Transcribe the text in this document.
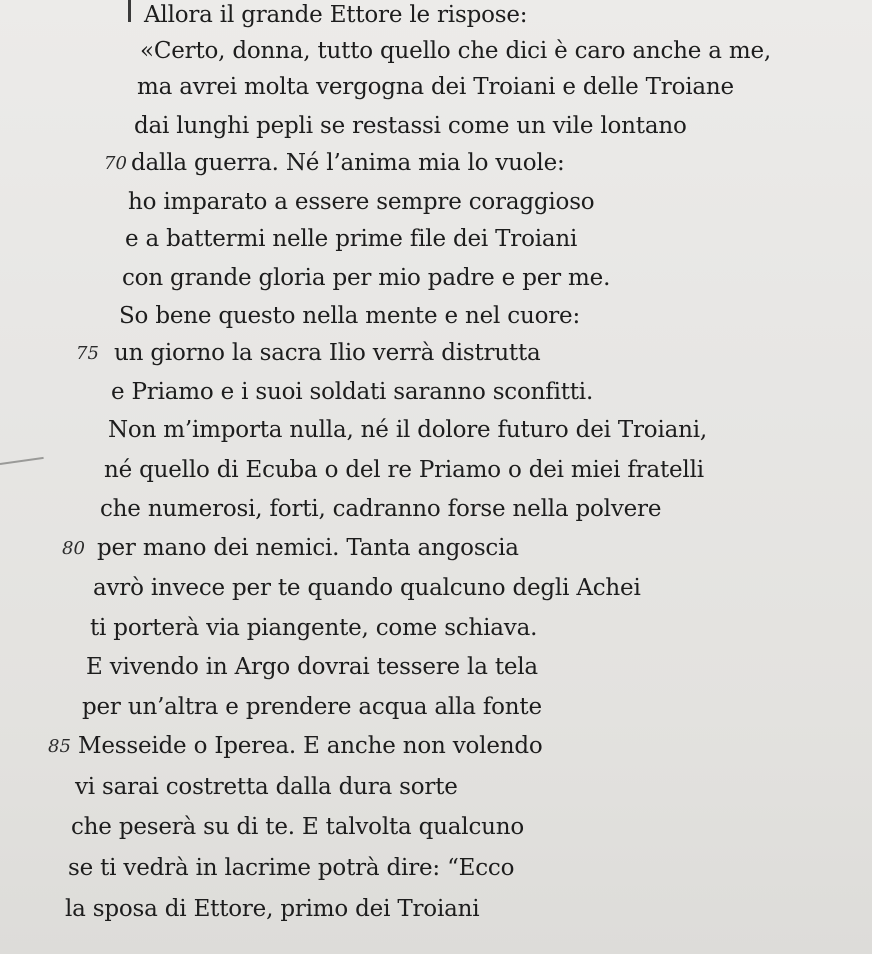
Allora il grande Ettore le rispose:
«Certo, donna, tutto quello che dici è caro anche a me,
ma avrei molta vergogna dei Troiani e delle Troiane
dai lunghi pepli se restassi come un vile lontano
70 dalla guerra. Né l’anima mia lo vuole:
ho imparato a essere sempre coraggioso
e a battermi nelle prime file dei Troiani
con grande gloria per mio padre e per me.
So bene questo nella mente e nel cuore:
75 un giorno la sacra Ilio verrà distrutta
e Priamo e i suoi soldati saranno sconfitti.
Non m’importa nulla, né il dolore futuro dei Troiani,
né quello di Ecuba o del re Priamo o dei miei fratelli
che numerosi, forti, cadranno forse nella polvere
80 per mano dei nemici. Tanta angoscia
avrò invece per te quando qualcuno degli Achei
ti porterà via piangente, come schiava.
E vivendo in Argo dovrai tessere la tela
per un’altra e prendere acqua alla fonte
85 Messeide o Iperea. E anche non volendo
vi sarai costretta dalla dura sorte
che peserà su di te. E talvolta qualcuno
se ti vedrà in lacrime potrà dire: “Ecco
la sposa di Ettore, primo dei Troiani
